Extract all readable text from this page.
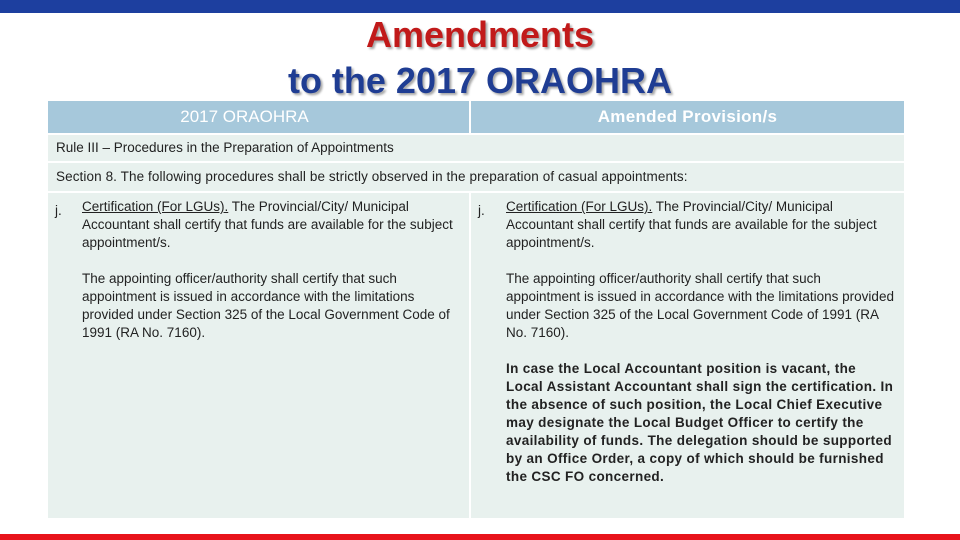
Amendments
to the 2017 ORAOHRA
2017 ORAOHRA	Amended Provision/s
Rule III – Procedures in the Preparation of Appointments
Section 8. The following procedures shall be strictly observed in the preparation of casual appointments:
j. Certification (For LGUs). The Provincial/City/ Municipal Accountant shall certify that funds are available for the subject appointment/s.

The appointing officer/authority shall certify that such appointment is issued in accordance with the limitations provided under Section 325 of the Local Government Code of 1991 (RA No. 7160).

j. Certification (For LGUs). The Provincial/City/ Municipal Accountant shall certify that funds are available for the subject appointment/s.

The appointing officer/authority shall certify that such appointment is issued in accordance with the limitations provided under Section 325 of the Local Government Code of 1991 (RA No. 7160).

In case the Local Accountant position is vacant, the Local Assistant Accountant shall sign the certification. In the absence of such position, the Local Chief Executive may designate the Local Budget Officer to certify the availability of funds. The delegation should be supported by an Office Order, a copy of which should be furnished the CSC FO concerned.
